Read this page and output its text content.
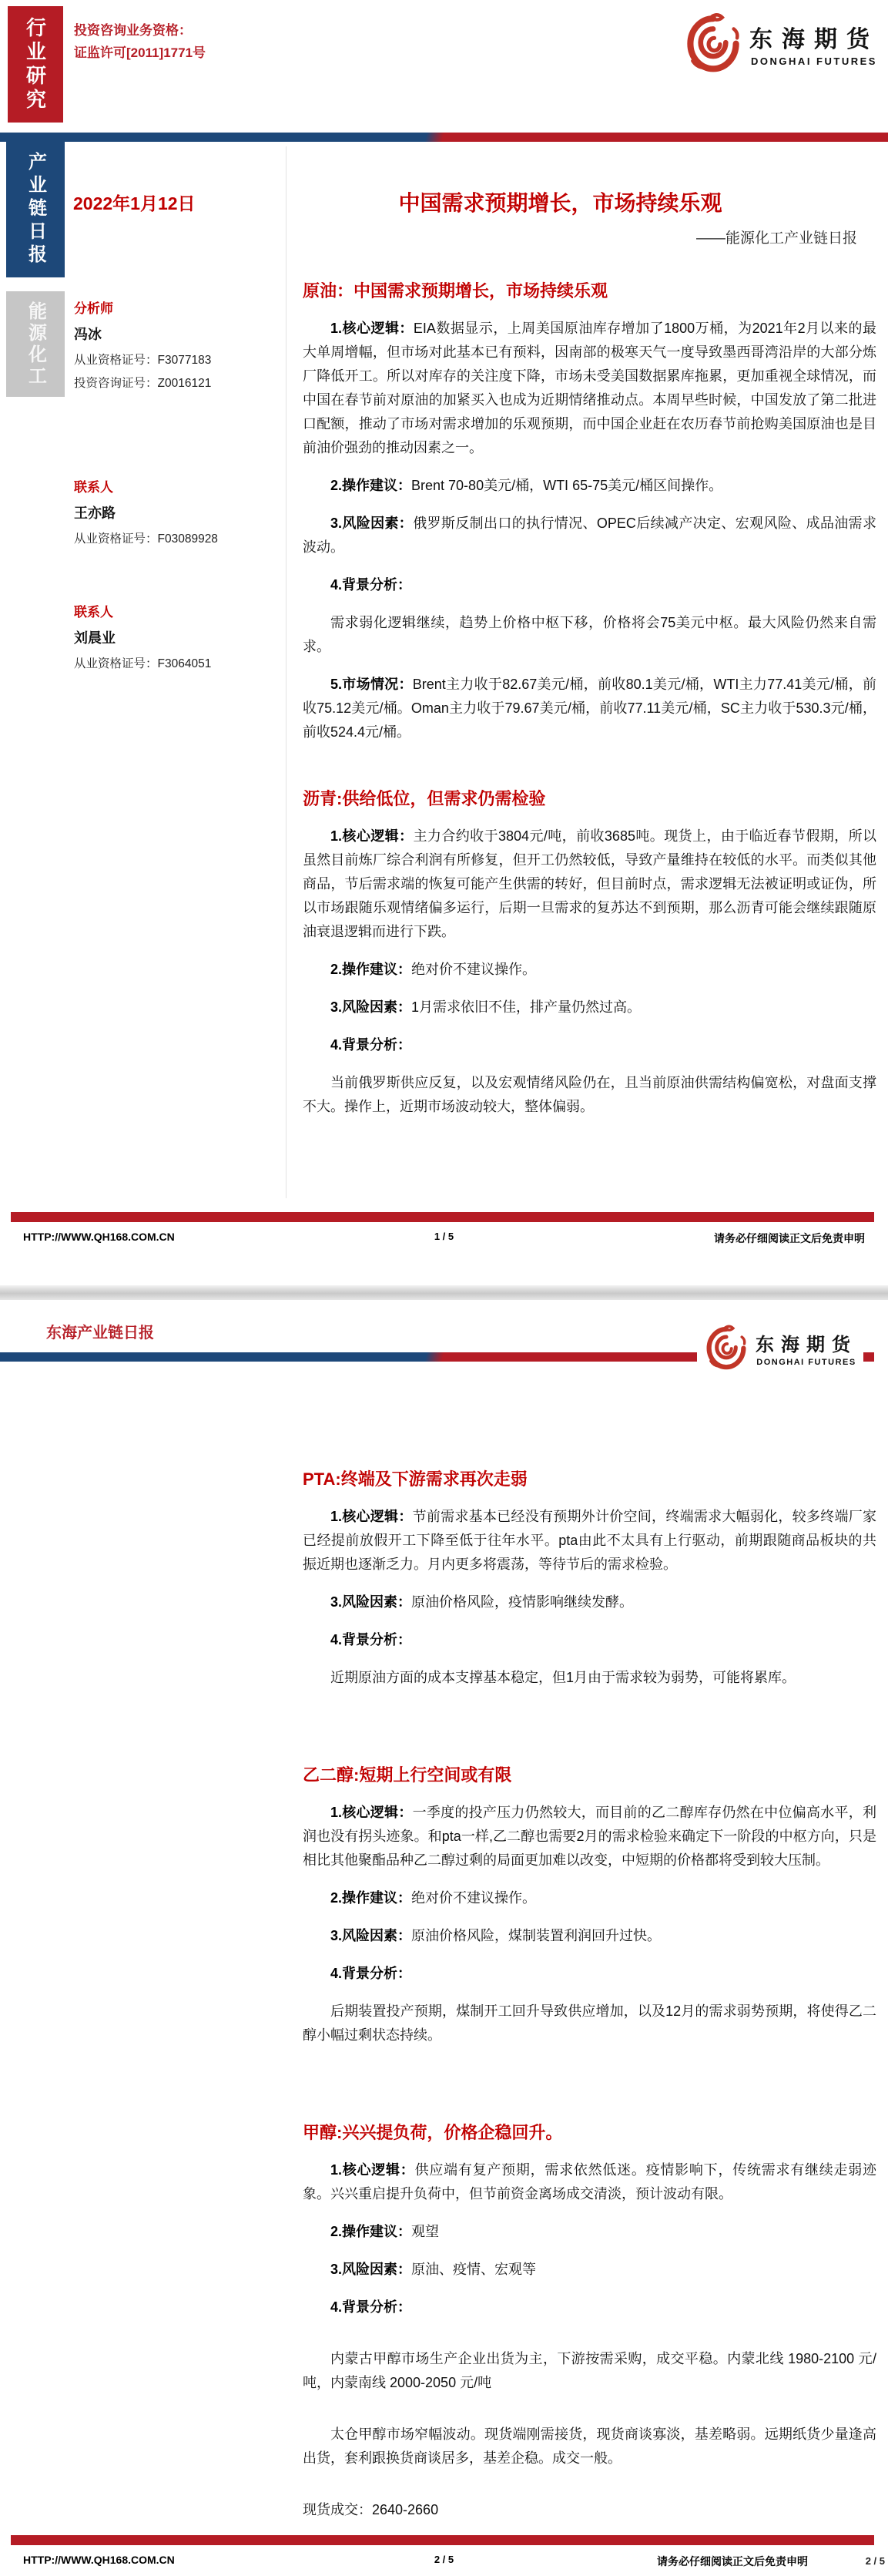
行业研究	投资咨询业务资格：
证监许可[2011]1771号
东海期货
DONGHAI FUTURES
产业链日报	2022年1月12日
能源化工	分析师
冯冰
从业资格证号：F3077183
投资咨询证号：Z0016121
联系人
王亦路
从业资格证号：F03089928
联系人
刘晨业
从业资格证号：F3064051
中国需求预期增长，市场持续乐观
——能源化工产业链日报
原油：中国需求预期增长，市场持续乐观

1.核心逻辑：EIA数据显示，上周美国原油库存增加了1800万桶，为2021年2月以来的最大单周增幅，但市场对此基本已有预料，因南部的极寒天气一度导致墨西哥湾沿岸的大部分炼厂降低开工。所以对库存的关注度下降，市场未受美国数据累库拖累，更加重视全球情况，而中国在春节前对原油的加紧买入也成为近期情绪推动点。本周早些时候，中国发放了第二批进口配额，推动了市场对需求增加的乐观预期，而中国企业赶在农历春节前抢购美国原油也是目前油价强劲的推动因素之一。

2.操作建议：Brent 70-80美元/桶，WTI 65-75美元/桶区间操作。

3.风险因素：俄罗斯反制出口的执行情况、OPEC后续减产决定、宏观风险、成品油需求波动。

4.背景分析：

需求弱化逻辑继续，趋势上价格中枢下移，价格将会75美元中枢。最大风险仍然来自需求。

5.市场情况：Brent主力收于82.67美元/桶，前收80.1美元/桶，WTI主力77.41美元/桶，前收75.12美元/桶。Oman主力收于79.67美元/桶，前收77.11美元/桶，SC主力收于530.3元/桶，前收524.4元/桶。

沥青:供给低位，但需求仍需检验

1.核心逻辑：主力合约收于3804元/吨，前收3685吨。现货上，由于临近春节假期，所以虽然目前炼厂综合利润有所修复，但开工仍然较低，导致产量维持在较低的水平。而类似其他商品，节后需求端的恢复可能产生供需的转好，但目前时点，需求逻辑无法被证明或证伪，所以市场跟随乐观情绪偏多运行，后期一旦需求的复苏达不到预期，那么沥青可能会继续跟随原油衰退逻辑而进行下跌。

2.操作建议：绝对价不建议操作。

3.风险因素：1月需求依旧不佳，排产量仍然过高。

4.背景分析：

当前俄罗斯供应反复，以及宏观情绪风险仍在，且当前原油供需结构偏宽松，对盘面支撑不大。操作上，近期市场波动较大，整体偏弱。

HTTP://WWW.QH168.COM.CN	1 / 5	请务必仔细阅读正文后免责申明
东海产业链日报
东海期货
DONGHAI FUTURES
PTA:终端及下游需求再次走弱

1.核心逻辑：节前需求基本已经没有预期外计价空间，终端需求大幅弱化，较多终端厂家已经提前放假开工下降至低于往年水平。pta由此不太具有上行驱动，前期跟随商品板块的共振近期也逐渐乏力。月内更多将震荡，等待节后的需求检验。

3.风险因素：原油价格风险，疫情影响继续发酵。

4.背景分析：

近期原油方面的成本支撑基本稳定，但1月由于需求较为弱势，可能将累库。

乙二醇:短期上行空间或有限

1.核心逻辑：一季度的投产压力仍然较大，而目前的乙二醇库存仍然在中位偏高水平，利润也没有拐头迹象。和pta一样,乙二醇也需要2月的需求检验来确定下一阶段的中枢方向，只是相比其他聚酯品种乙二醇过剩的局面更加难以改变，中短期的价格都将受到较大压制。

2.操作建议：绝对价不建议操作。

3.风险因素：原油价格风险，煤制装置利润回升过快。

4.背景分析：

后期装置投产预期，煤制开工回升导致供应增加，以及12月的需求弱势预期，将使得乙二醇小幅过剩状态持续。

甲醇:兴兴提负荷，价格企稳回升。

1.核心逻辑：供应端有复产预期，需求依然低迷。疫情影响下，传统需求有继续走弱迹象。兴兴重启提升负荷中，但节前资金离场成交清淡，预计波动有限。

2.操作建议：观望

3.风险因素：原油、疫情、宏观等

4.背景分析：

内蒙古甲醇市场生产企业出货为主，下游按需采购，成交平稳。内蒙北线 1980-2100 元/吨，内蒙南线 2000-2050 元/吨

太仓甲醇市场窄幅波动。现货端刚需接货，现货商谈寡淡，基差略弱。远期纸货少量逢高出货，套利跟换货商谈居多，基差企稳。成交一般。

现货成交：2640-2660

HTTP://WWW.QH168.COM.CN	2 / 5	请务必仔细阅读正文后免责申明	2 / 5
